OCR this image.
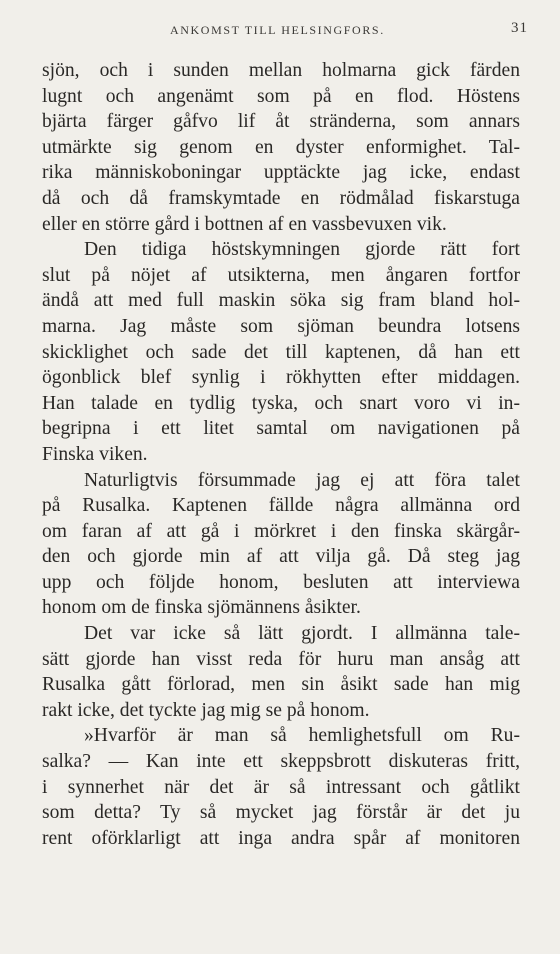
ANKOMST TILL HELSINGFORS.	31
sjön, och i sunden mellan holmarna gick färden
lugnt och angenämt som på en flod. Höstens
bjärta färger gåfvo lif åt stränderna, som annars
utmärkte sig genom en dyster enformighet. Tal-
rika människoboningar upptäckte jag icke, endast
då och då framskymtade en rödmålad fiskarstuga
eller en större gård i bottnen af en vassbevuxen vik.
Den tidiga höstskymningen gjorde rätt fort
slut på nöjet af utsikterna, men ångaren fortfor
ändå att med full maskin söka sig fram bland hol-
marna. Jag måste som sjöman beundra lotsens
skicklighet och sade det till kaptenen, då han ett
ögonblick blef synlig i rökhytten efter middagen.
Han talade en tydlig tyska, och snart voro vi in-
begripna i ett litet samtal om navigationen på
Finska viken.
Naturligtvis försummade jag ej att föra talet
på Rusalka. Kaptenen fällde några allmänna ord
om faran af att gå i mörkret i den finska skärgår-
den och gjorde min af att vilja gå. Då steg jag
upp och följde honom, besluten att interviewa
honom om de finska sjömännens åsikter.
Det var icke så lätt gjordt. I allmänna tale-
sätt gjorde han visst reda för huru man ansåg att
Rusalka gått förlorad, men sin åsikt sade han mig
rakt icke, det tyckte jag mig se på honom.
»Hvarför är man så hemlighetsfull om Ru-
salka? — Kan inte ett skeppsbrott diskuteras fritt,
i synnerhet när det är så intressant och gåtlikt
som detta? Ty så mycket jag förstår är det ju
rent oförklarligt att inga andra spår af monitoren
